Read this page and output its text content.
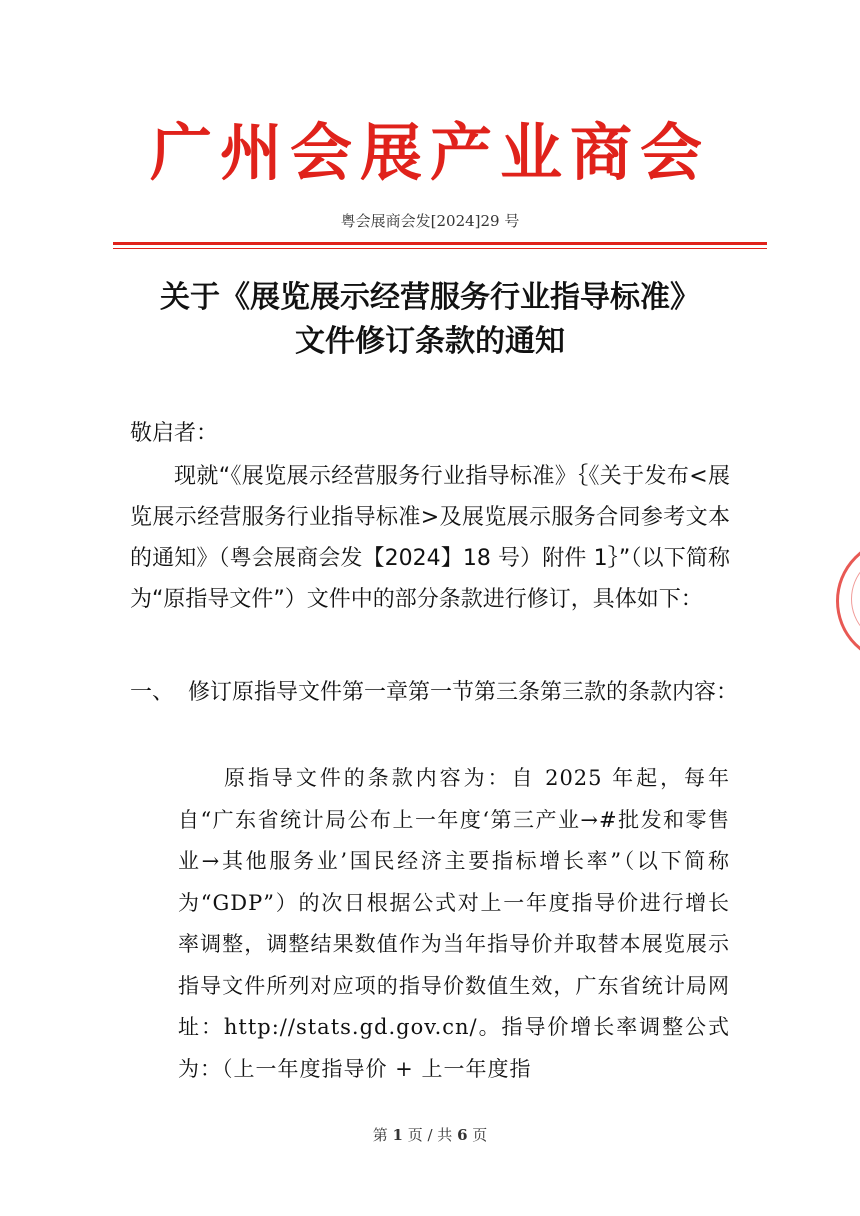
广州会展产业商会
粤会展商会发[2024]29 号
关于《展览展示经营服务行业指导标准》
文件修订条款的通知
敬启者：
现就“《展览展示经营服务行业指导标准》｛《关于发布<展览展示经营服务行业指导标准>及展览展示服务合同参考文本的通知》（粤会展商会发【2024】18 号）附件 1｝”（以下简称为“原指导文件”）文件中的部分条款进行修订，具体如下：
一、 修订原指导文件第一章第一节第三条第三款的条款内容：
原指导文件的条款内容为：自 2025 年起，每年自“广东省统计局公布上一年度‘第三产业→#批发和零售业→其他服务业’国民经济主要指标增长率”（以下简称为“GDP”）的次日根据公式对上一年度指导价进行增长率调整，调整结果数值作为当年指导价并取替本展览展示指导文件所列对应项的指导价数值生效，广东省统计局网址：http://stats.gd.gov.cn/。指导价增长率调整公式为：（上一年度指导价 + 上一年度指
第 1 页 / 共 6 页
